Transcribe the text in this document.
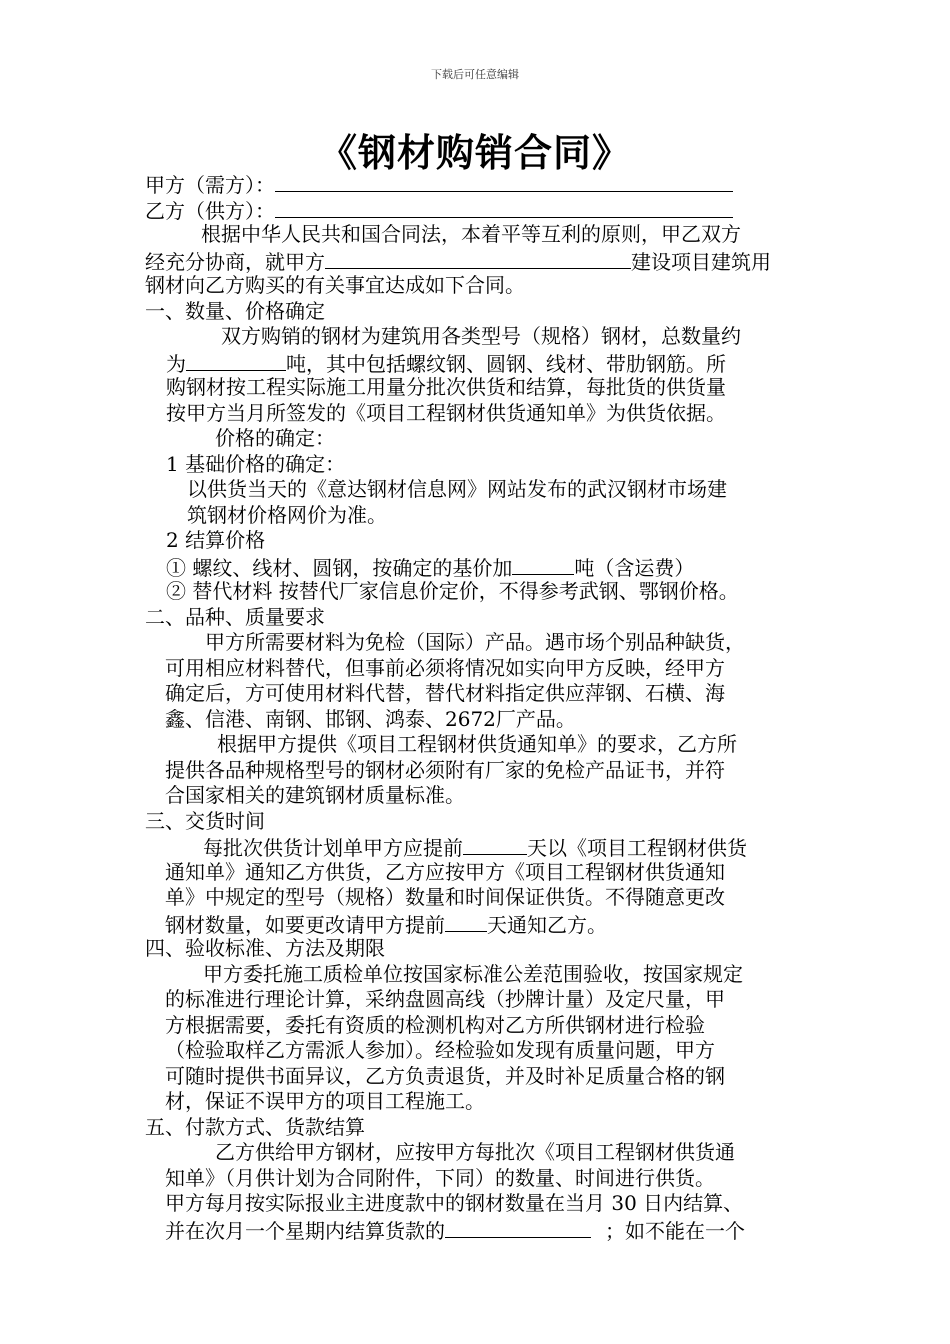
下载后可任意编辑
《钢材购销合同》
甲方（需方）：
乙方（供方）：
根据中华人民共和国合同法，本着平等互利的原则，甲乙双方
经充分协商，就甲方	建设项目建筑用
钢材向乙方购买的有关事宜达成如下合同。
一、数量、价格确定
双方购销的钢材为建筑用各类型号（规格）钢材，总数量约
为	吨，其中包括螺纹钢、圆钢、线材、带肋钢筋。所
购钢材按工程实际施工用量分批次供货和结算，每批货的供货量
按甲方当月所签发的《项目工程钢材供货通知单》为供货依据。
价格的确定：
1 基础价格的确定：
以供货当天的《意达钢材信息网》网站发布的武汉钢材市场建
筑钢材价格网价为准。
2 结算价格
① 螺纹、线材、圆钢，按确定的基价加	吨（含运费）
② 替代材料 按替代厂家信息价定价，不得参考武钢、鄂钢价格。
二、品种、质量要求
甲方所需要材料为免检（国际）产品。遇市场个别品种缺货，
可用相应材料替代，但事前必须将情况如实向甲方反映，经甲方
确定后，方可使用材料代替，替代材料指定供应萍钢、石横、海
鑫、信港、南钢、邯钢、鸿泰、2672厂产品。
根据甲方提供《项目工程钢材供货通知单》的要求，乙方所
提供各品种规格型号的钢材必须附有厂家的免检产品证书，并符
合国家相关的建筑钢材质量标准。
三、交货时间
每批次供货计划单甲方应提前	天以《项目工程钢材供货
通知单》通知乙方供货，乙方应按甲方《项目工程钢材供货通知
单》中规定的型号（规格）数量和时间保证供货。不得随意更改
钢材数量，如要更改请甲方提前 天通知乙方。
四、验收标准、方法及期限
甲方委托施工质检单位按国家标准公差范围验收，按国家规定
的标准进行理论计算，采纳盘圆高线（抄牌计量）及定尺量，甲
方根据需要，委托有资质的检测机构对乙方所供钢材进行检验
（检验取样乙方需派人参加）。经检验如发现有质量问题，甲方
可随时提供书面异议，乙方负责退货，并及时补足质量合格的钢
材，保证不误甲方的项目工程施工。
五、付款方式、货款结算
乙方供给甲方钢材，应按甲方每批次《项目工程钢材供货通
知单》（月供计划为合同附件，下同）的数量、时间进行供货。
甲方每月按实际报业主进度款中的钢材数量在当月 30 日内结算、
并在次月一个星期内结算货款的	；如不能在一个
